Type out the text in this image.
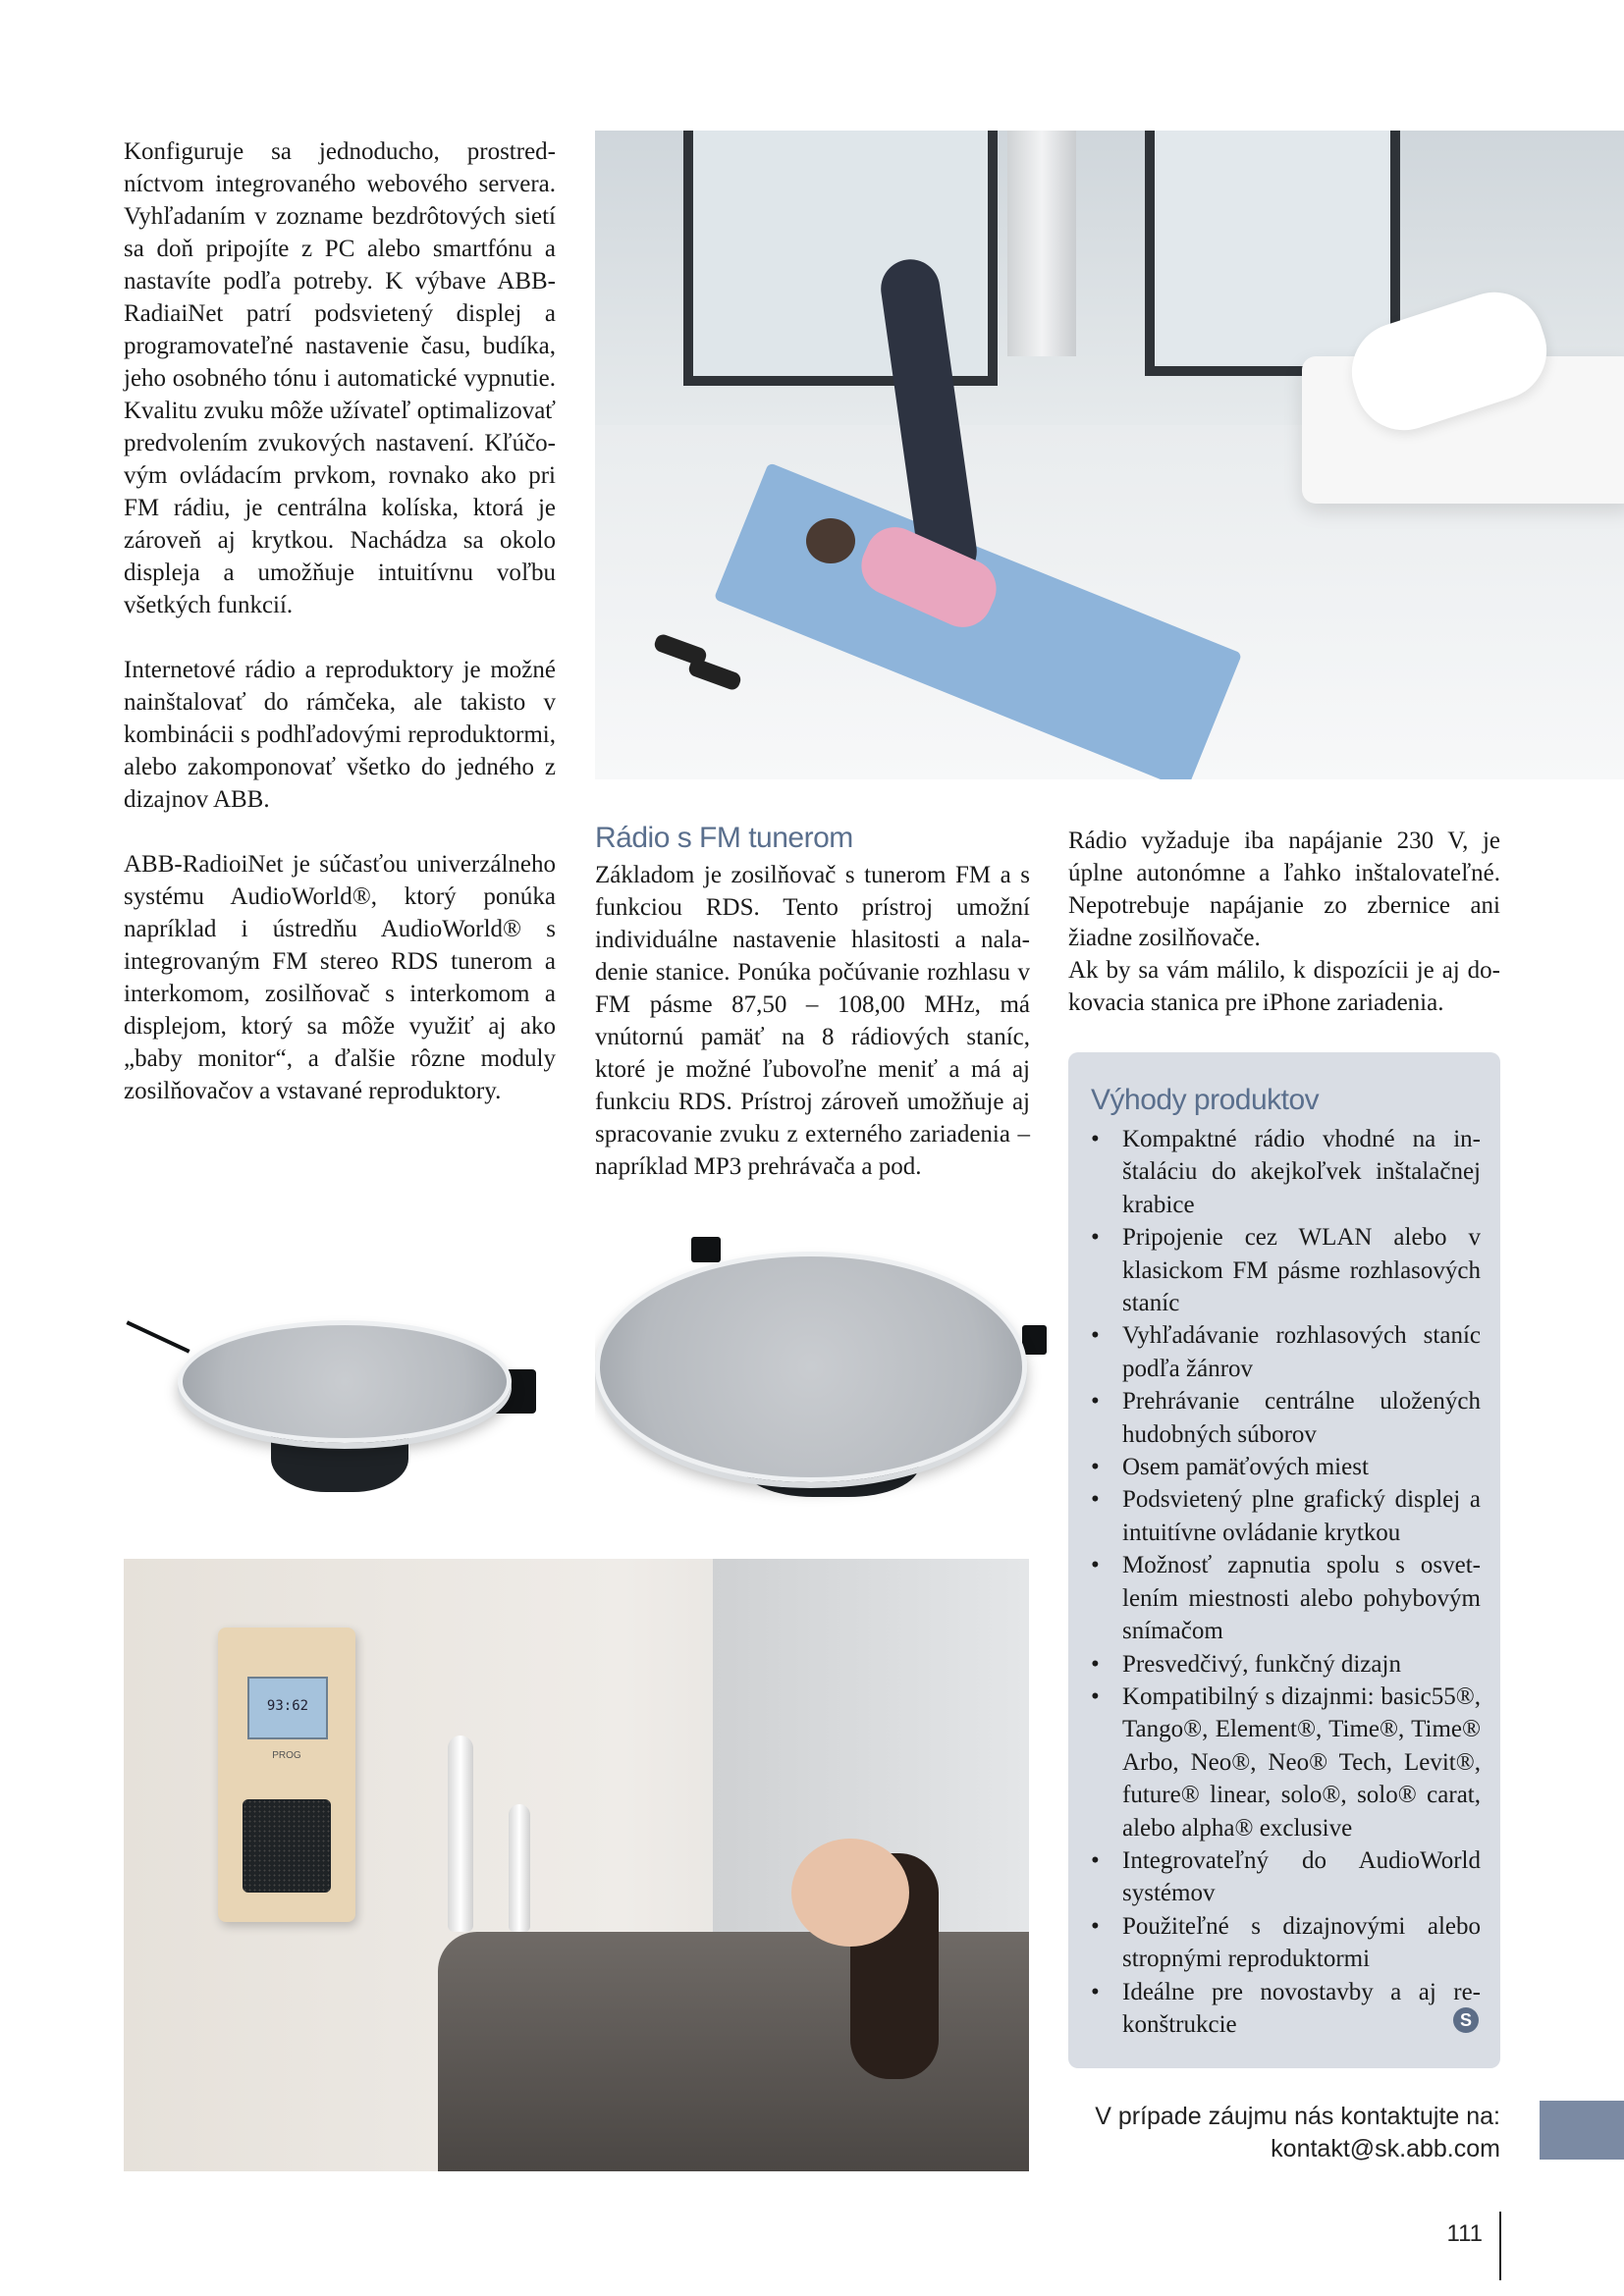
Konfiguruje sa jednoducho, prostredníctvom integrovaného webového servera. Vyhľadaním v zozname bezdrôtových sietí sa doň pripojíte z PC alebo smartfónu a nastavíte podľa potreby. K výbave ABB-RadiaiNet patrí podsvietený displej a programovateľné nastavenie času, budíka, jeho osobného tónu i automatické vypnutie. Kvalitu zvuku môže užívateľ optimalizovať predvolením zvukových nastavení. Kľúčovým ovládacím prvkom, rovnako ako pri FM rádiu, je centrálna kolíska, ktorá je zároveň aj krytkou. Nachádza sa okolo displeja a umožňuje intuitívnu voľbu všetkých funkcií.

Internetové rádio a reproduktory je možné nainštalovať do rámčeka, ale takisto v kombinácii s podhľadovými reproduktormi, alebo zakomponovať všetko do jedného z dizajnov ABB.

ABB-RadioiNet je súčasťou univerzálneho systému AudioWorld®, ktorý ponúka napríklad i ústredňu AudioWorld® s integrovaným FM stereo RDS tunerom a interkomom, zosilňovač s interkomom a displejom, ktorý sa môže využiť aj ako „baby monitor“, a ďalšie rôzne moduly zosilňovačov a vstavané reproduktory.

Rádio s FM tunerom

Základom je zosilňovač s tunerom FM a s funkciou RDS. Tento prístroj umožní individuálne nastavenie hlasitosti a naladenie stanice. Ponúka počúvanie rozhlasu v FM pásme 87,50 – 108,00 MHz, má vnútornú pamäť na 8 rádiových staníc, ktoré je možné ľubovoľne meniť a má aj funkciu RDS. Prístroj zároveň umožňuje aj spracovanie zvuku z externého zariadenia – napríklad MP3 prehrávača a pod.

Rádio vyžaduje iba napájanie 230 V, je úplne autonómne a ľahko inštalovateľné. Nepotrebuje napájanie zo zbernice ani žiadne zosilňovače.

Ak by sa vám málilo, k dispozícii je aj dokovacia stanica pre iPhone zariadenia.

93:62
PROG
Výhody produktov
• Kompaktné rádio vhodné na inštaláciu do akejkoľvek inštalačnej krabice
• Pripojenie cez WLAN alebo v klasickom FM pásme rozhlasových staníc
• Vyhľadávanie rozhlasových staníc podľa žánrov
• Prehrávanie centrálne uložených hudobných súborov
• Osem pamäťových miest
• Podsvietený plne grafický displej a intuitívne ovládanie krytkou
• Možnosť zapnutia spolu s osvetlením miestnosti alebo pohybovým snímačom
• Presvedčivý, funkčný dizajn
• Kompatibilný s dizajnmi: basic55®, Tango®, Element®, Time®, Time® Arbo, Neo®, Neo® Tech, Levit®, future® linear, solo®, solo® carat, alebo alpha® exclusive
• Integrovateľný do AudioWorld systémov
• Použiteľné s dizajnovými alebo stropnými reproduktormi
• Ideálne pre novostavby a aj rekonštrukcie	S
V prípade záujmu nás kontaktujte na:
kontakt@sk.abb.com
111
